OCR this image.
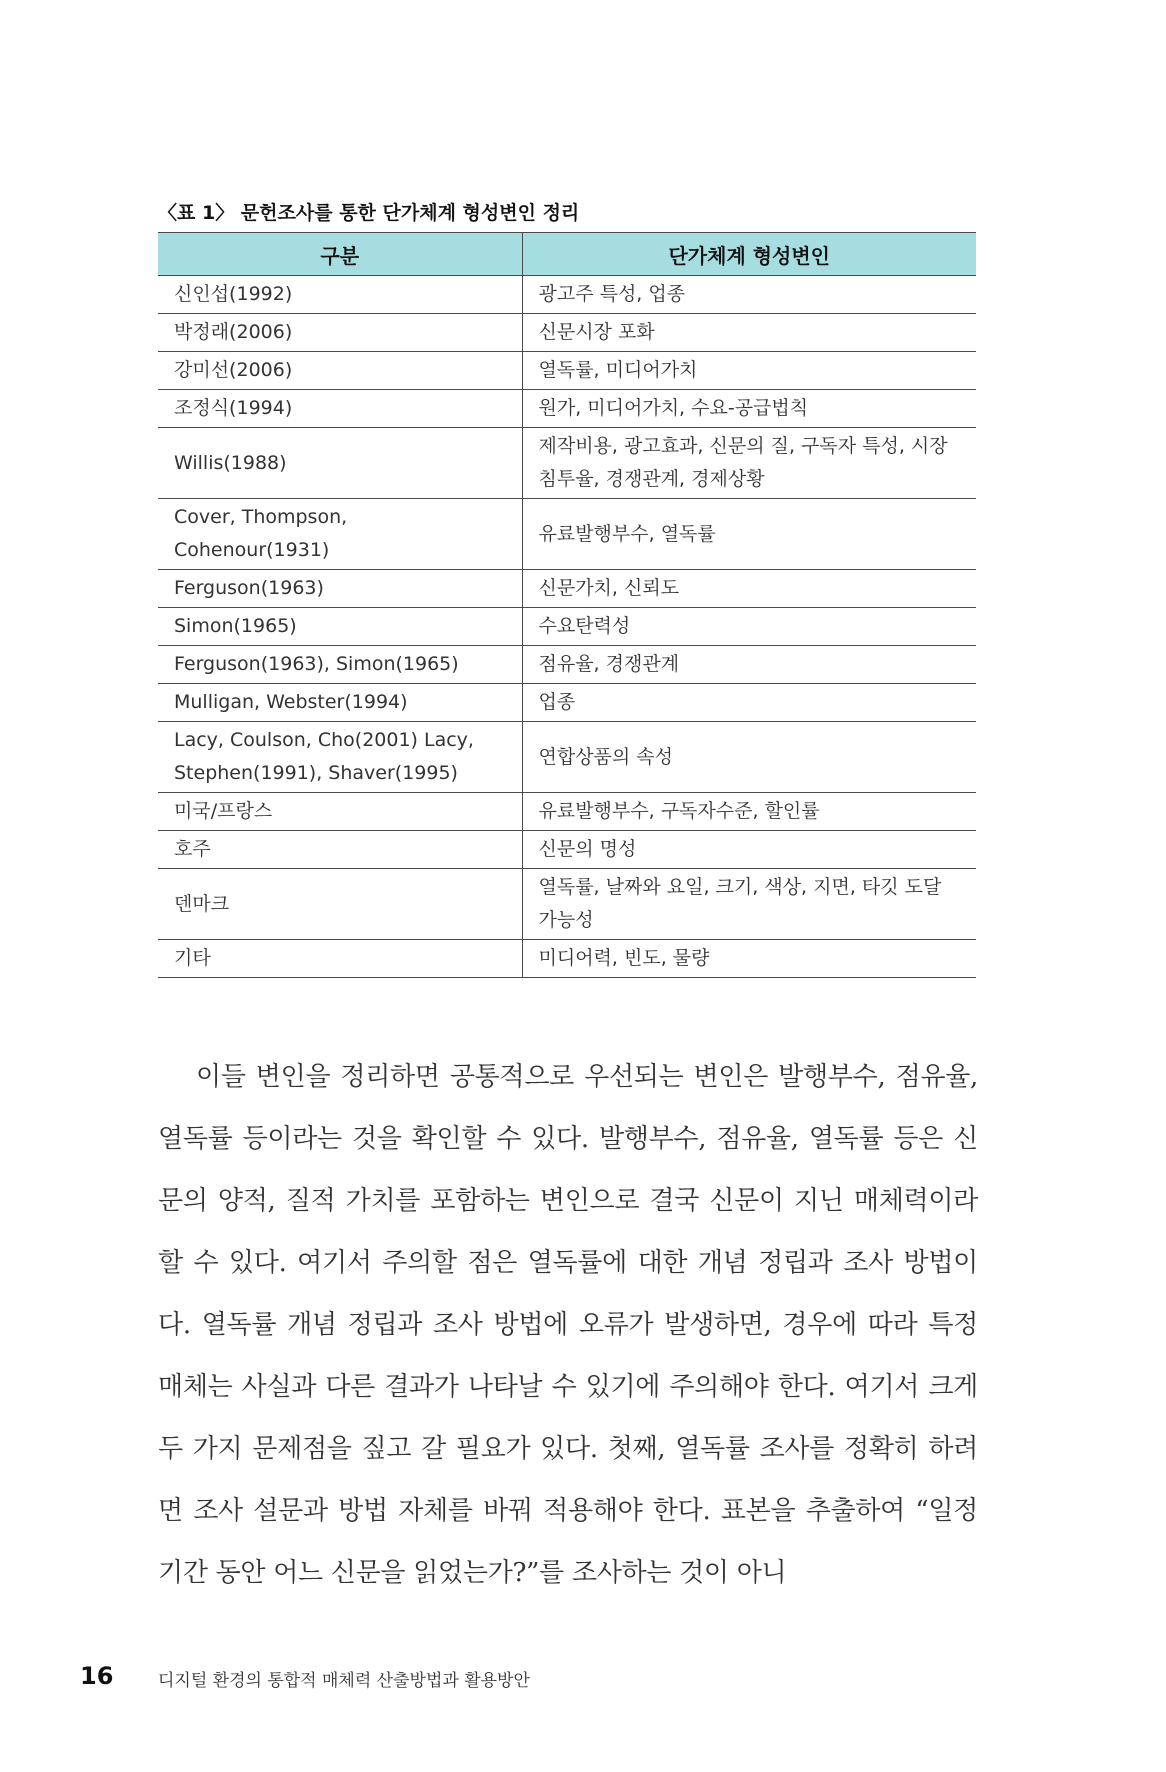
〈표 1〉 문헌조사를 통한 단가체계 형성변인 정리
구분	단가체계 형성변인
신인섭(1992)	광고주 특성, 업종
박정래(2006)	신문시장 포화
강미선(2006)	열독률, 미디어가치
조정식(1994)	원가, 미디어가치, 수요-공급법칙
Willis(1988)	제작비용, 광고효과, 신문의 질, 구독자 특성, 시장 침투율, 경쟁관계, 경제상황
Cover, Thompson, Cohenour(1931)	유료발행부수, 열독률
Ferguson(1963)	신문가치, 신뢰도
Simon(1965)	수요탄력성
Ferguson(1963), Simon(1965)	점유율, 경쟁관계
Mulligan, Webster(1994)	업종
Lacy, Coulson, Cho(2001) Lacy, Stephen(1991), Shaver(1995)	연합상품의 속성
미국/프랑스	유료발행부수, 구독자수준, 할인률
호주	신문의 명성
덴마크	열독률, 날짜와 요일, 크기, 색상, 지면, 타깃 도달 가능성
기타	미디어력, 빈도, 물량

이들 변인을 정리하면 공통적으로 우선되는 변인은 발행부수, 점유율, 열독률 등이라는 것을 확인할 수 있다. 발행부수, 점유율, 열독률 등은 신문의 양적, 질적 가치를 포함하는 변인으로 결국 신문이 지닌 매체력이라 할 수 있다. 여기서 주의할 점은 열독률에 대한 개념 정립과 조사 방법이다. 열독률 개념 정립과 조사 방법에 오류가 발생하면, 경우에 따라 특정 매체는 사실과 다른 결과가 나타날 수 있기에 주의해야 한다. 여기서 크게 두 가지 문제점을 짚고 갈 필요가 있다. 첫째, 열독률 조사를 정확히 하려면 조사 설문과 방법 자체를 바꿔 적용해야 한다. 표본을 추출하여 “일정 기간 동안 어느 신문을 읽었는가?”를 조사하는 것이 아니

16	디지털 환경의 통합적 매체력 산출방법과 활용방안
